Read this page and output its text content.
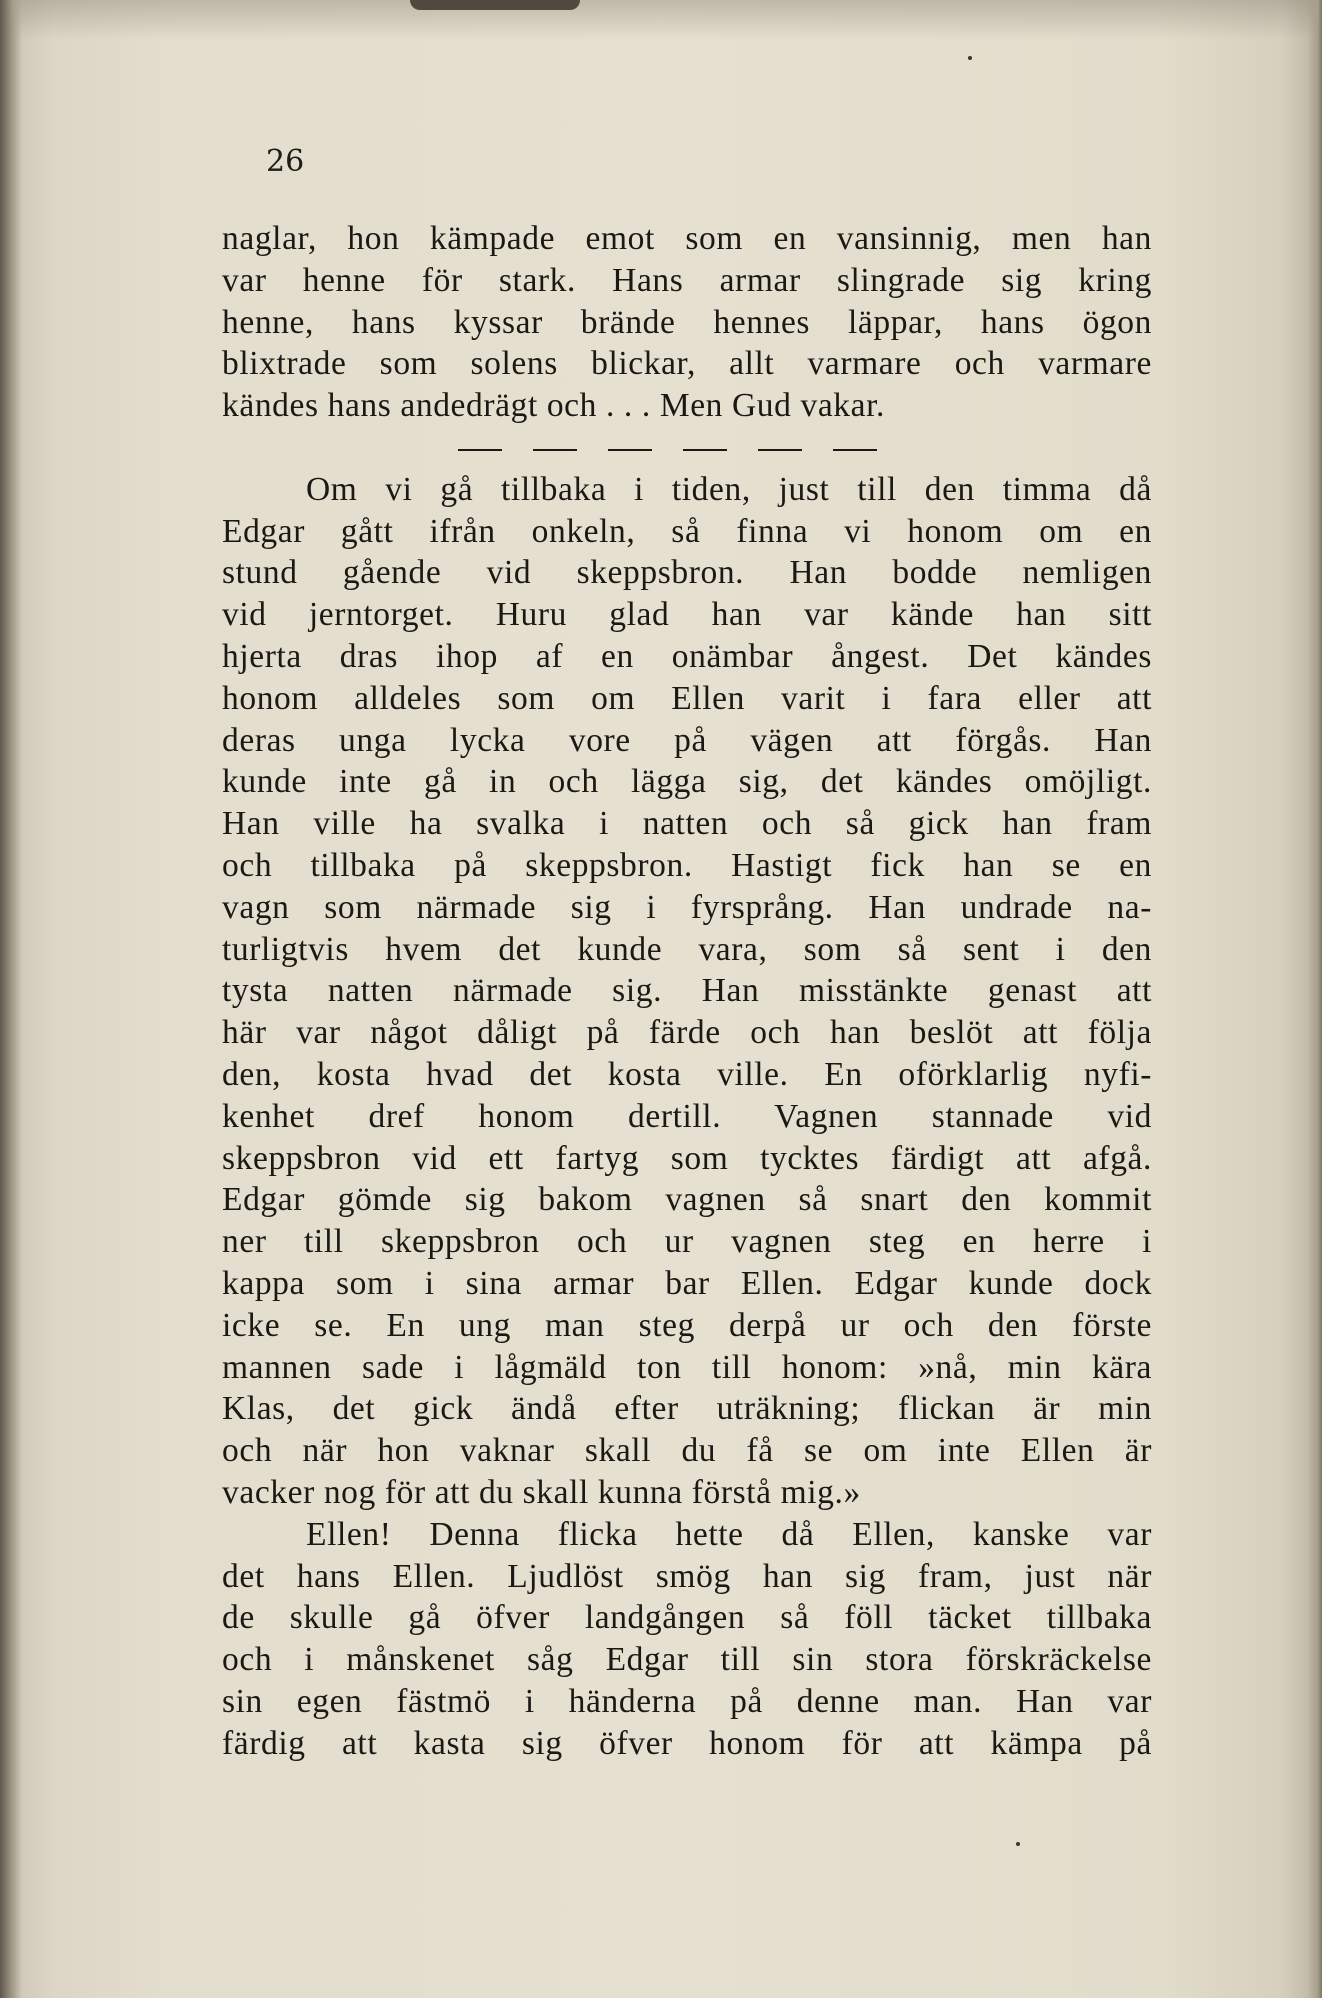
26
naglar, hon kämpade emot som en vansinnig, men han
var henne för stark. Hans armar slingrade sig kring
henne, hans kyssar brände hennes läppar, hans ögon
blixtrade som solens blickar, allt varmare och varmare
kändes hans andedrägt och . . . Men Gud vakar.
Om vi gå tillbaka i tiden, just till den timma då
Edgar gått ifrån onkeln, så finna vi honom om en
stund gående vid skeppsbron. Han bodde nemligen
vid jerntorget. Huru glad han var kände han sitt
hjerta dras ihop af en onämbar ångest. Det kändes
honom alldeles som om Ellen varit i fara eller att
deras unga lycka vore på vägen att förgås. Han
kunde inte gå in och lägga sig, det kändes omöjligt.
Han ville ha svalka i natten och så gick han fram
och tillbaka på skeppsbron. Hastigt fick han se en
vagn som närmade sig i fyrsprång. Han undrade na-
turligtvis hvem det kunde vara, som så sent i den
tysta natten närmade sig. Han misstänkte genast att
här var något dåligt på färde och han beslöt att följa
den, kosta hvad det kosta ville. En oförklarlig nyfi-
kenhet dref honom dertill. Vagnen stannade vid
skeppsbron vid ett fartyg som tycktes färdigt att afgå.
Edgar gömde sig bakom vagnen så snart den kommit
ner till skeppsbron och ur vagnen steg en herre i
kappa som i sina armar bar Ellen. Edgar kunde dock
icke se. En ung man steg derpå ur och den förste
mannen sade i lågmäld ton till honom: »nå, min kära
Klas, det gick ändå efter uträkning; flickan är min
och när hon vaknar skall du få se om inte Ellen är
vacker nog för att du skall kunna förstå mig.»
Ellen! Denna flicka hette då Ellen, kanske var
det hans Ellen. Ljudlöst smög han sig fram, just när
de skulle gå öfver landgången så föll täcket tillbaka
och i månskenet såg Edgar till sin stora förskräckelse
sin egen fästmö i händerna på denne man. Han var
färdig att kasta sig öfver honom för att kämpa på
